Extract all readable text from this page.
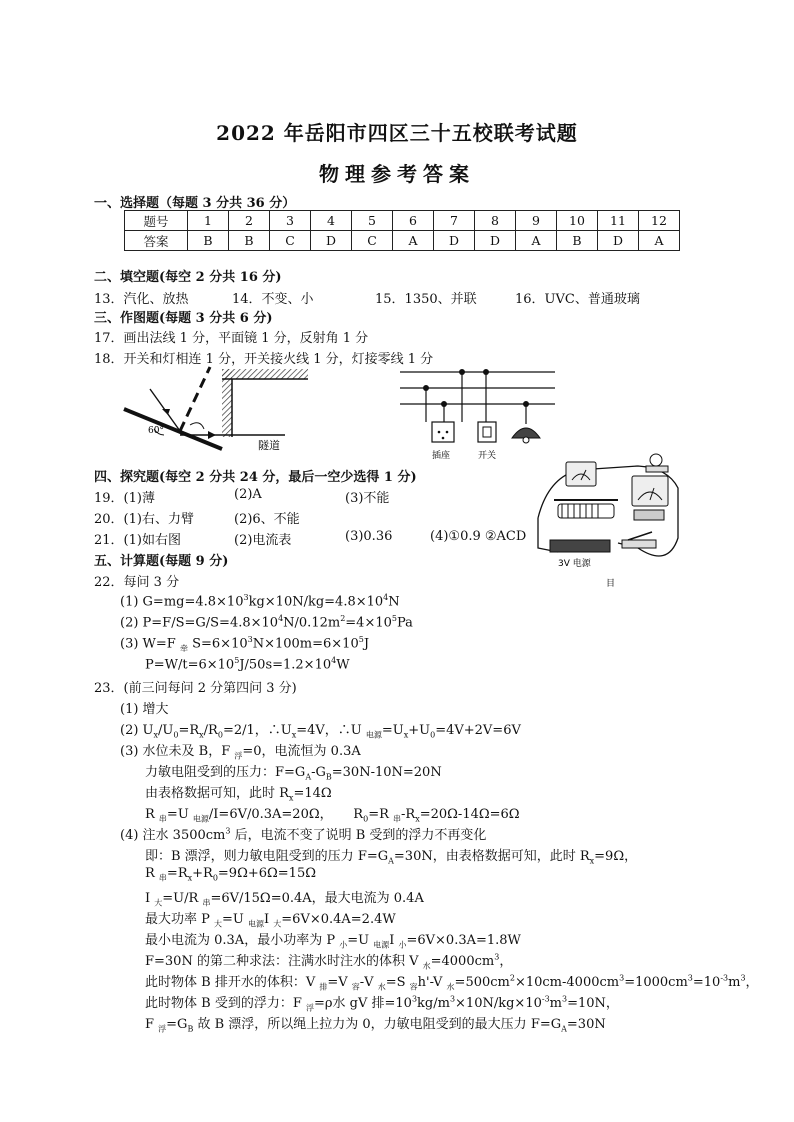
2022 年岳阳市四区三十五校联考试题
物理参考答案
一、选择题（每题 3 分共 36 分）
题号	1	2	3	4	5	6	7	8	9	10	11	12
答案	B	B	C	D	C	A	D	D	A	B	D	A
二、填空题(每空 2 分共 16 分)
13．汽化、放热	14．不变、小	15．1350、并联	16．UVC、普通玻璃
三、作图题(每题 3 分共 6 分)
17．画出法线 1 分，平面镜 1 分，反射角 1 分
18．开关和灯相连 1 分，开关接火线 1 分，灯接零线 1 分
60°
隧道
插座	开关
四、探究题(每空 2 分共 24 分，最后一空少选得 1 分)
19．(1)薄	(2)A	(3)不能
20．(1)右、力臂	(2)6、不能
21．(1)如右图	(2)电流表	(3)0.36	(4)①0.9 ②ACD
3V 电源
目
五、计算题(每题 9 分)
22．每问 3 分
(1) $G=mg=4.8\times 10^3kg\times 10N/kg=4.8\times 10^4N$
(2) $P=F/S=G/S=4.8\times 10^4N/0.12m^2=4\times 10^5Pa$
(3) W=F $_牵$ $S=6\times 10^3N\times 100m=6\times 10^5J$
$P=W/t=6\times 10^5J/50s=1.2\times 10^4W$
23．(前三问每问 2 分第四问 3 分)
(1) 增大
(2) $U_x/U_0=R_x/R_0=2/1$，$\therefore U_x=4V$，∴U $_{电源}=U_x+U_0=4V+2V=6V$
(3) 水位未及 B，F $_浮$=0，电流恒为 0.3A
力敏电阻受到的压力：$F=G_A-G_B=30N-10N=20N$
由表格数据可知，此时 $R_x=14\Omega$
R $_串$=U $_{电源}$/I=6V/0.3A=20Ω，     $R_0=R$ $_串-R_x=20\Omega-14\Omega=6\Omega$
(4) 注水 $3500cm^3$ 后，电流不变了说明 B 受到的浮力不再变化
即：B 漂浮，则力敏电阻受到的压力 $F=G_A=30N$，由表格数据可知，此时 $R_x=9\Omega$，
R $_串=R_x+R_0=9\Omega+6\Omega=15\Omega$
I $_大$=U/R $_串$=6V/15Ω=0.4A，最大电流为 0.4A
最大功率 P $_大$=U $_{电源}$I $_大$=6V×0.4A=2.4W
最小电流为 0.3A，最小功率为 P $_小$=U $_{电源}$I $_小$=6V×0.3A=1.8W
F=30N 的第二种求法：注满水时注水的体积 V $_水=4000cm^3$，
此时物体 B 排开水的体积：V $_排$=V $_容$-V $_水$=S $_容$h'-V $_水=500cm^2\times 10cm-4000cm^3=1000cm^3=10^{-3}m^3$，
此时物体 B 受到的浮力：F $_浮$=ρ水 gV 排$=10^3kg/m^3\times 10N/kg\times 10^{-3}m^3=10N$，
F $_浮=G_B$ 故 B 漂浮，所以绳上拉力为 0，力敏电阻受到的最大压力 $F=G_A=30N$
